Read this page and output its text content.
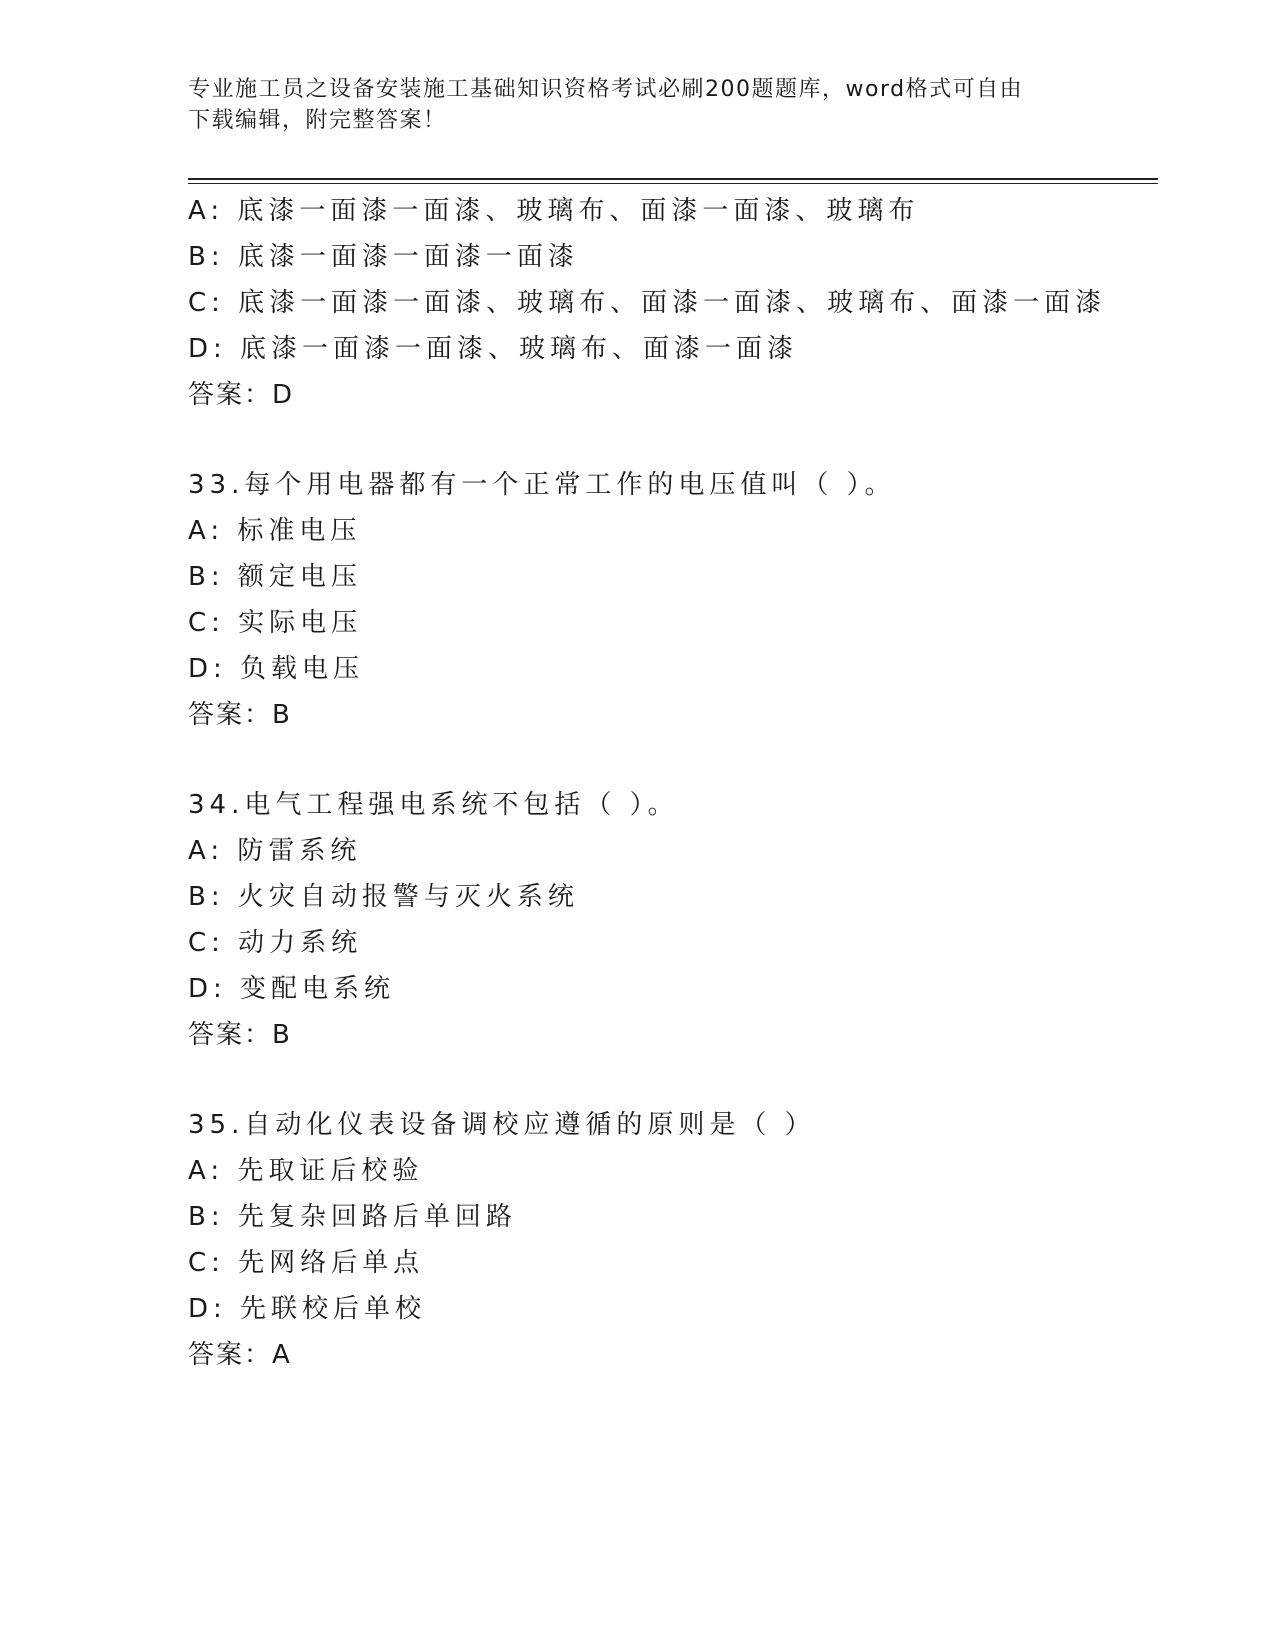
专业施工员之设备安装施工基础知识资格考试必刷200题题库，word格式可自由
下载编辑，附完整答案！
A: 底漆一面漆一面漆、玻璃布、面漆一面漆、玻璃布
B: 底漆一面漆一面漆一面漆
C: 底漆一面漆一面漆、玻璃布、面漆一面漆、玻璃布、面漆一面漆
D: 底漆一面漆一面漆、玻璃布、面漆一面漆
答案：D
33.每个用电器都有一个正常工作的电压值叫（ ）。
A: 标准电压
B: 额定电压
C: 实际电压
D: 负载电压
答案：B
34.电气工程强电系统不包括（ ）。
A: 防雷系统
B: 火灾自动报警与灭火系统
C: 动力系统
D: 变配电系统
答案：B
35.自动化仪表设备调校应遵循的原则是（ ）
A: 先取证后校验
B: 先复杂回路后单回路
C: 先网络后单点
D: 先联校后单校
答案：A
